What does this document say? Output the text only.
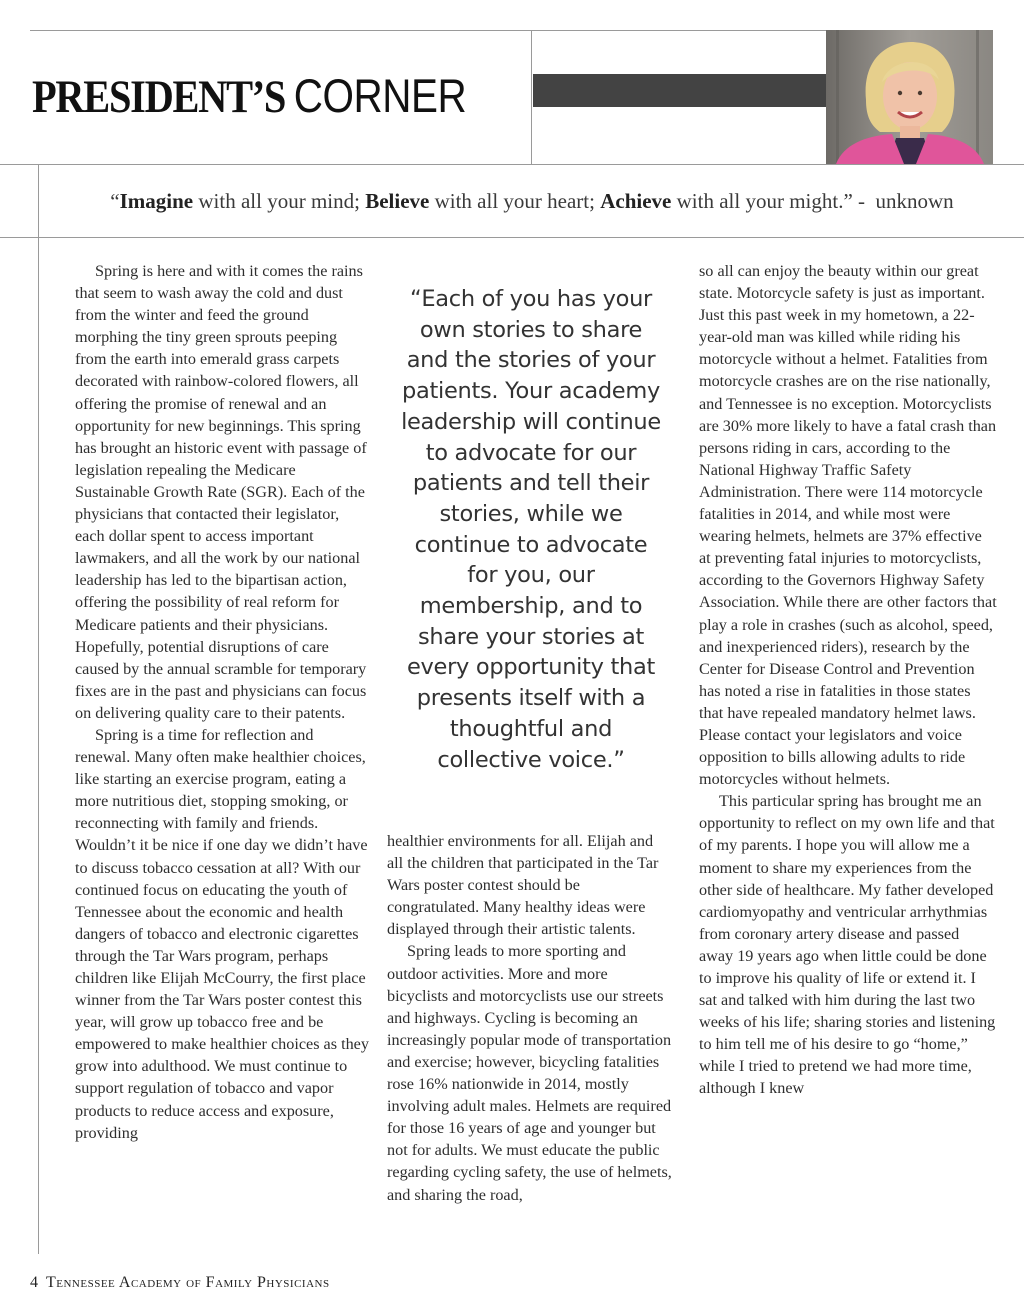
PRESIDENT’S CORNER

“ Imagine with all your mind; Believe with all your heart; Achieve with all your might.” -  unknown

Spring is here and with it comes the rains that seem to wash away the cold and dust from the winter and feed the ground morphing the tiny green sprouts peeping from the earth into emerald grass carpets decorated with rainbow-colored flowers, all offering the promise of renewal and an opportunity for new beginnings. This spring has brought an historic event with passage of legislation repealing the Medicare Sustainable Growth Rate (SGR). Each of the physicians that contacted their legislator, each dollar spent to access important lawmakers, and all the work by our national leadership has led to the bipartisan action, offering the possibility of real reform for Medicare patients and their physicians. Hopefully, potential disruptions of care caused by the annual scramble for temporary fixes are in the past and physicians can focus on delivering quality care to their patents.

Spring is a time for reflection and renewal. Many often make healthier choices, like starting an exercise program, eating a more nutritious diet, stopping smoking, or reconnecting with family and friends. Wouldn’t it be nice if one day we didn’t have to discuss tobacco cessation at all? With our continued focus on educating the youth of Tennessee about the economic and health dangers of tobacco and electronic cigarettes through the Tar Wars program, perhaps children like Elijah McCourry, the first place winner from the Tar Wars poster contest this year, will grow up tobacco free and be empowered to make healthier choices as they grow into adulthood. We must continue to support regulation of tobacco and vapor products to reduce access and exposure, providing

“Each of you has your own stories to share and the stories of your patients. Your academy leadership will continue to advocate for our patients and tell their stories, while we continue to advocate for you, our membership, and to share your stories at every opportunity that presents itself with a thoughtful and collective voice.”

healthier environments for all. Elijah and all the children that participated in the Tar Wars poster contest should be congratulated. Many healthy ideas were displayed through their artistic talents.

Spring leads to more sporting and outdoor activities. More and more bicyclists and motorcyclists use our streets and highways. Cycling is becoming an increasingly popular mode of transportation and exercise; however, bicycling fatalities rose 16% nationwide in 2014, mostly involving adult males. Helmets are required for those 16 years of age and younger but not for adults. We must educate the public regarding cycling safety, the use of helmets, and sharing the road,

so all can enjoy the beauty within our great state. Motorcycle safety is just as important. Just this past week in my hometown, a 22-year-old man was killed while riding his motorcycle without a helmet. Fatalities from motorcycle crashes are on the rise nationally, and Tennessee is no exception. Motorcyclists are 30% more likely to have a fatal crash than persons riding in cars, according to the National Highway Traffic Safety Administration. There were 114 motorcycle fatalities in 2014, and while most were wearing helmets, helmets are 37% effective at preventing fatal injuries to motorcyclists, according to the Governors Highway Safety Association. While there are other factors that play a role in crashes (such as alcohol, speed, and inexperienced riders), research by the Center for Disease Control and Prevention has noted a rise in fatalities in those states that have repealed mandatory helmet laws. Please contact your legislators and voice opposition to bills allowing adults to ride motorcycles without helmets.

This particular spring has brought me an opportunity to reflect on my own life and that of my parents. I hope you will allow me a moment to share my experiences from the other side of healthcare. My father developed cardiomyopathy and ventricular arrhythmias from coronary artery disease and passed away 19 years ago when little could be done to improve his quality of life or extend it. I sat and talked with him during the last two weeks of his life; sharing stories and listening to him tell me of his desire to go “home,” while I tried to pretend we had more time, although I knew

4 Tennessee Academy of Family Physicians
